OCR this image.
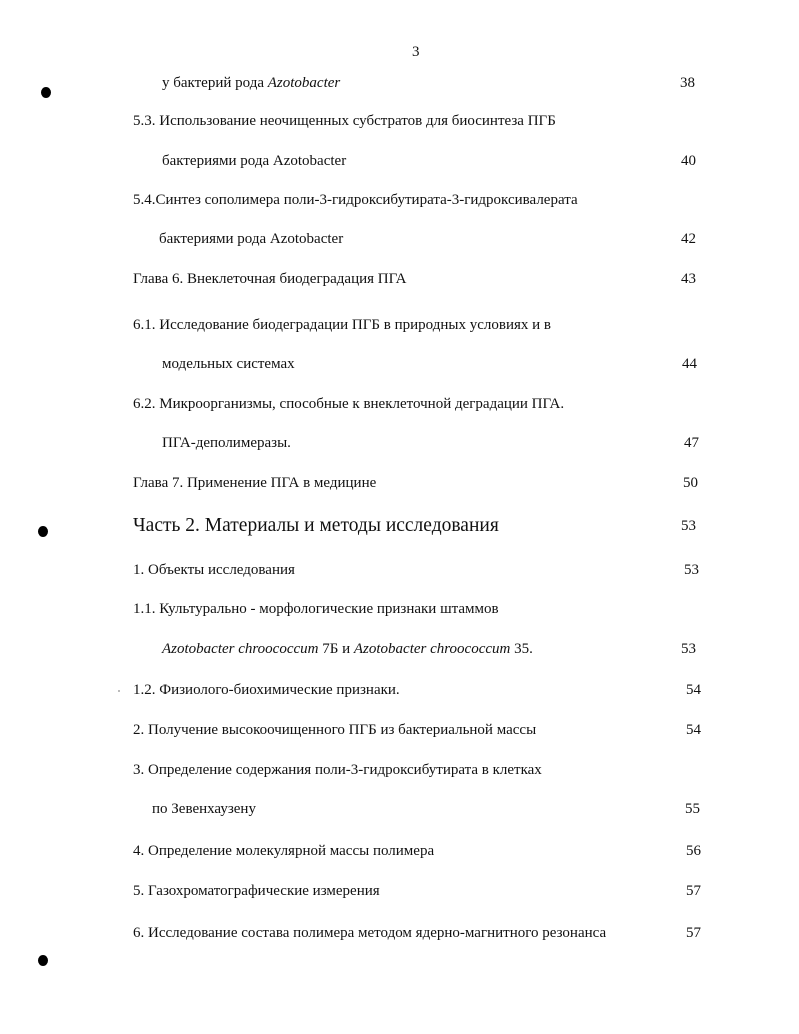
3
у бактерий рода Azotobacter	38
5.3. Использование неочищенных субстратов для биосинтеза ПГБ
бактериями рода Azotobacter	40
5.4.Синтез сополимера поли-3-гидроксибутирата-3-гидроксивалерата
бактериями рода Azotobacter	42
Глава 6. Внеклеточная биодеградация ПГА	43
6.1. Исследование биодеградации ПГБ в природных условиях и в
модельных системах	44
6.2. Микроорганизмы, способные к внеклеточной деградации ПГА.
ПГА-деполимеразы.	47
Глава 7. Применение ПГА в медицине	50
Часть 2. Материалы и методы исследования	53
1. Объекты исследования	53
1.1. Культурально - морфологические признаки штаммов
Azotobacter chroococcum 7Б и Azotobacter chroococcum 35.	53
1.2. Физиолого-биохимические признаки.	54
2. Получение высокоочищенного ПГБ из бактериальной массы	54
3. Определение содержания поли-3-гидроксибутирата в клетках
по Зевенхаузену	55
4. Определение молекулярной массы полимера	56
5. Газохроматографические измерения	57
6. Исследование состава полимера методом ядерно-магнитного резонанса	57
